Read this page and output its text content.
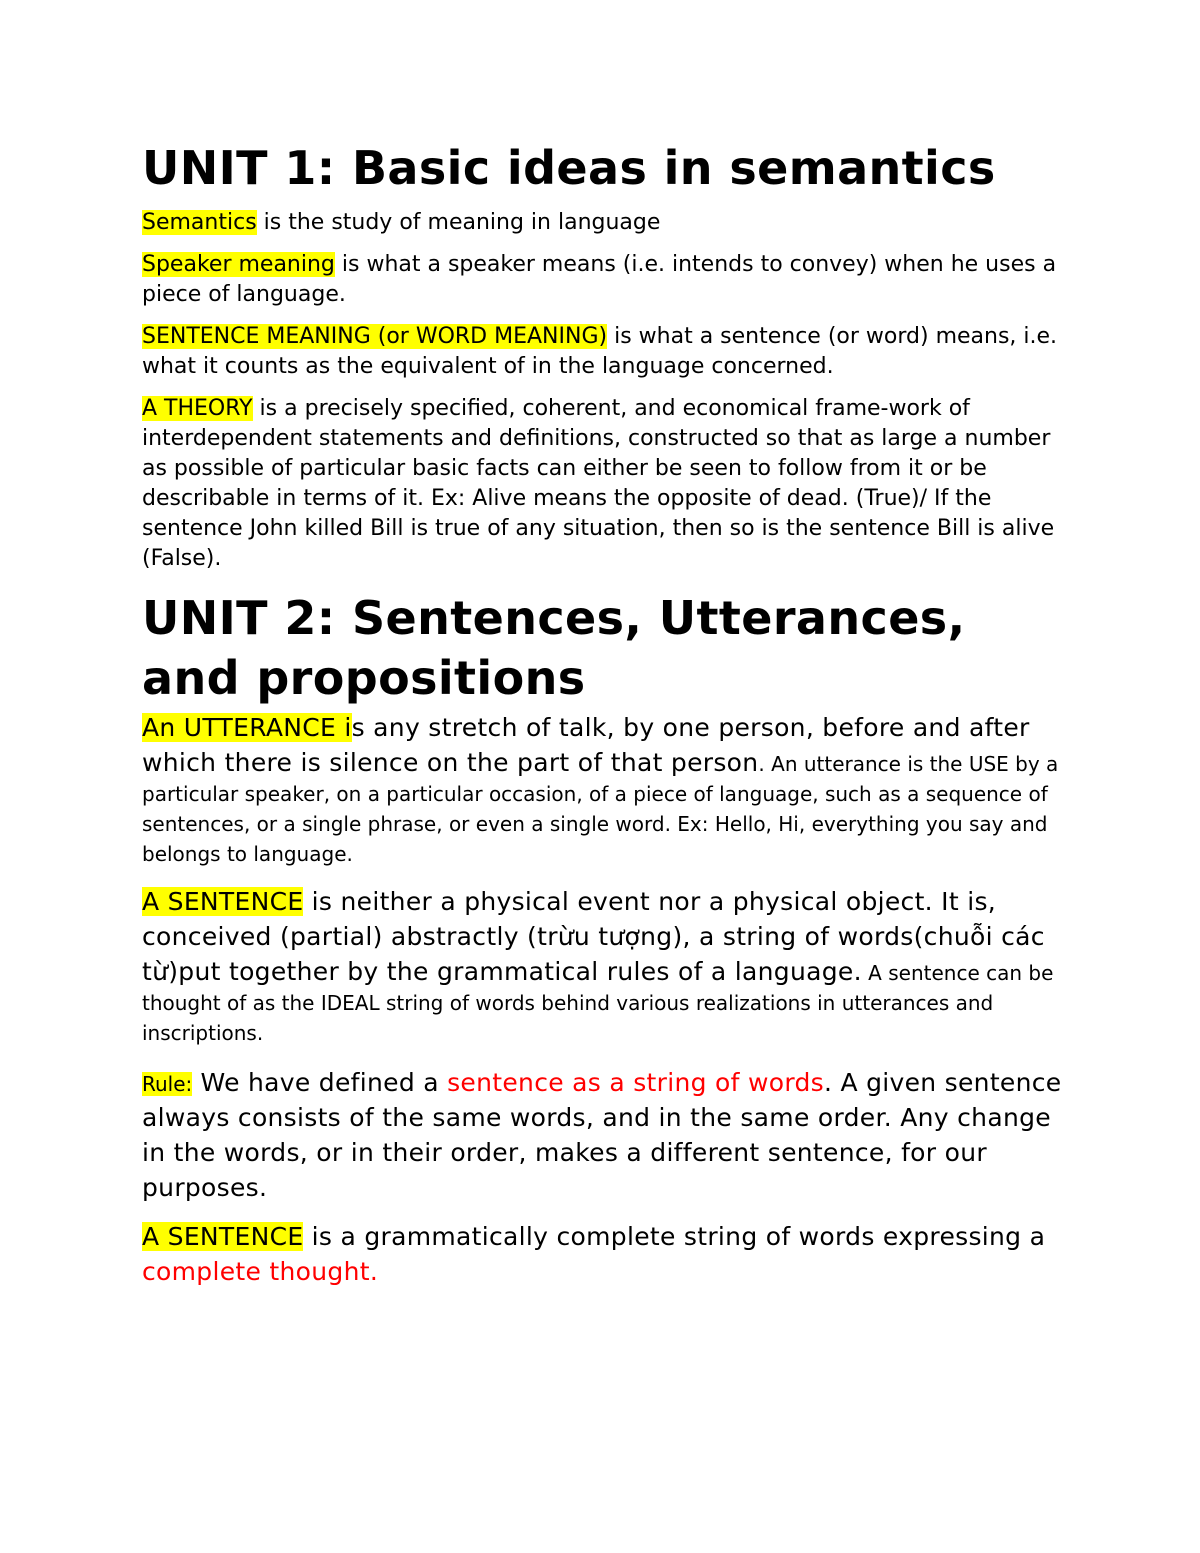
UNIT 1: Basic ideas in semantics

Semantics is the study of meaning in language

Speaker meaning is what a speaker means (i.e. intends to convey) when he uses a piece of language.

SENTENCE MEANING (or WORD MEANING) is what a sentence (or word) means, i.e. what it counts as the equivalent of in the language concerned.

A THEORY is a precisely specified, coherent, and economical frame-work of interdependent statements and definitions, constructed so that as large a number as possible of particular basic facts can either be seen to follow from it or be describable in terms of it. Ex: Alive means the opposite of dead. (True)/ If the sentence John killed Bill is true of any situation, then so is the sentence Bill is alive (False).

UNIT 2: Sentences, Utterances, and propositions

An UTTERANCE is any stretch of talk, by one person, before and after which there is silence on the part of that person. An utterance is the USE by a particular speaker, on a particular occasion, of a piece of language, such as a sequence of sentences, or a single phrase, or even a single word. Ex: Hello, Hi, everything you say and belongs to language.

A SENTENCE is neither a physical event nor a physical object. It is, conceived (partial) abstractly (trừu tượng), a string of words(chuỗi các từ)put together by the grammatical rules of a language. A sentence can be thought of as the IDEAL string of words behind various realizations in utterances and inscriptions.

Rule: We have defined a sentence as a string of words. A given sentence always consists of the same words, and in the same order. Any change in the words, or in their order, makes a different sentence, for our purposes.

A SENTENCE is a grammatically complete string of words expressing a complete thought.
